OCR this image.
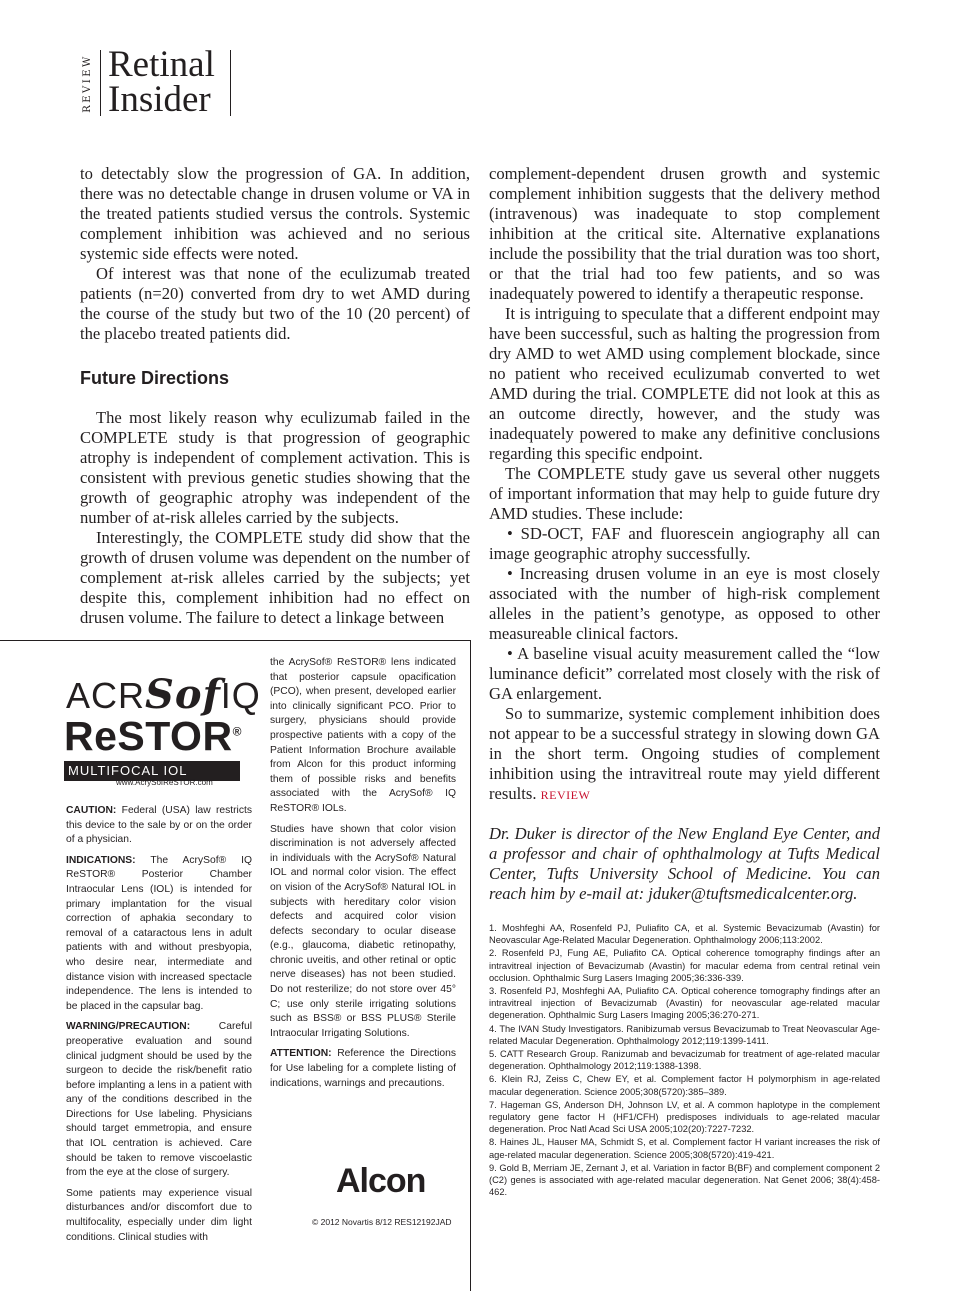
REVIEW Retinal
Insider

to detectably slow the progression of GA. In addition, there was no detectable change in drusen volume or VA in the treated patients studied versus the controls. Systemic complement inhibition was achieved and no serious systemic side effects were noted.

Of interest was that none of the eculizumab treated patients (n=20) converted from dry to wet AMD during the course of the study but two of the 10 (20 percent) of the placebo treated patients did.

Future Directions

The most likely reason why eculizumab failed in the COMPLETE study is that progression of geographic atrophy is independent of complement activation. This is consistent with previous genetic studies showing that the growth of geographic atrophy was independent of the number of at-risk alleles carried by the subjects.

Interestingly, the COMPLETE study did show that the growth of drusen volume was dependent on the number of complement at-risk alleles carried by the subjects; yet despite this, complement inhibition had no effect on drusen volume. The failure to detect a linkage between

complement-dependent drusen growth and systemic complement inhibition suggests that the delivery method (intravenous) was inadequate to stop complement inhibition at the critical site. Alternative explanations include the possibility that the trial duration was too short, or that the trial had too few patients, and so was inadequately powered to identify a therapeutic response.

It is intriguing to speculate that a different endpoint may have been successful, such as halting the progression from dry AMD to wet AMD using complement blockade, since no patient who received eculizumab converted to wet AMD during the trial. COMPLETE did not look at this as an outcome directly, however, and the study was inadequately powered to make any definitive conclusions regarding this specific endpoint.

The COMPLETE study gave us several other nuggets of important information that may help to guide future dry AMD studies. These include:

• SD-OCT, FAF and fluorescein angiography all can image geographic atrophy successfully.

• Increasing drusen volume in an eye is most closely associated with the number of high-risk complement alleles in the patient’s genotype, as opposed to other measureable clinical factors.

• A baseline visual acuity measurement called the “low luminance deficit” correlated most closely with the risk of GA enlargement.

So to summarize, systemic complement inhibition does not appear to be a successful strategy in slowing down GA in the short term. Ongoing studies of complement inhibition using the intravitreal route may yield different results. REVIEW

Dr. Duker is director of the New England Eye Center, and a professor and chair of ophthalmology at Tufts Medical Center, Tufts University School of Medicine. You can reach him by e-mail at: jduker@tuftsmedicalcenter.org.
1. Moshfeghi AA, Rosenfeld PJ, Puliafito CA, et al. Systemic Bevacizumab (Avastin) for Neovascular Age-Related Macular Degeneration. Ophthalmology 2006;113:2002.
2. Rosenfeld PJ, Fung AE, Puliafito CA. Optical coherence tomography findings after an intravitreal injection of Bevacizumab (Avastin) for macular edema from central retinal vein occlusion. Ophthalmic Surg Lasers Imaging 2005;36:336-339.
3. Rosenfeld PJ, Moshfeghi AA, Puliafito CA. Optical coherence tomography findings after an intravitreal injection of Bevacizumab (Avastin) for neovascular age-related macular degeneration. Ophthalmic Surg Lasers Imaging 2005;36:270-271.
4. The IVAN Study Investigators. Ranibizumab versus Bevacizumab to Treat Neovascular Age-related Macular Degeneration. Ophthalmology 2012;119:1399-1411.
5. CATT Research Group. Ranizumab and bevacizumab for treatment of age-related macular degeneration. Ophthalmology 2012;119:1388-1398.
6. Klein RJ, Zeiss C, Chew EY, et al. Complement factor H polymorphism in age-related macular degeneration. Science 2005;308(5720):385–389.
7. Hageman GS, Anderson DH, Johnson LV, et al. A common haplotype in the complement regulatory gene factor H (HF1/CFH) predisposes individuals to age-related macular degeneration. Proc Natl Acad Sci USA 2005;102(20):7227-7232.
8. Haines JL, Hauser MA, Schmidt S, et al. Complement factor H variant increases the risk of age-related macular degeneration. Science 2005;308(5720):419-421.
9. Gold B, Merriam JE, Zernant J, et al. Variation in factor B(BF) and complement component 2 (C2) genes is associated with age-related macular degeneration. Nat Genet 2006; 38(4):458-462.
ACRSofIQ
ReSTOR®
MULTIFOCAL IOL
www.AcrySofReSTOR.com

CAUTION: Federal (USA) law restricts this device to the sale by or on the order of a physician.

INDICATIONS: The AcrySof® IQ ReSTOR® Posterior Chamber Intraocular Lens (IOL) is intended for primary implantation for the visual correction of aphakia secondary to removal of a cataractous lens in adult patients with and without presbyopia, who desire near, intermediate and distance vision with increased spectacle independence. The lens is intended to be placed in the capsular bag.

WARNING/PRECAUTION:	Careful preoperative evaluation and sound clinical judgment should be used by the surgeon to decide the risk/benefit ratio before implanting a lens in a patient with any of the conditions described in the Directions for Use labeling. Physicians should target emmetropia, and ensure that IOL centration is achieved. Care should be taken to remove viscoelastic from the eye at the close of surgery.

Some patients may experience visual disturbances and/or discomfort due to multifocality, especially under dim light conditions. Clinical studies with

the AcrySof® ReSTOR® lens indicated that posterior capsule opacification (PCO), when present, developed earlier into clinically significant PCO. Prior to surgery, physicians should provide prospective patients with a copy of the Patient Information Brochure available from Alcon for this product informing them of possible risks and benefits associated with the AcrySof® IQ ReSTOR® IOLs.

Studies have shown that color vision discrimination is not adversely affected in individuals with the AcrySof® Natural IOL and normal color vision. The effect on vision of the AcrySof® Natural IOL in subjects with hereditary color vision defects and acquired color vision defects secondary to ocular disease (e.g., glaucoma, diabetic retinopathy, chronic uveitis, and other retinal or optic nerve diseases) has not been studied. Do not resterilize; do not store over 45° C; use only sterile irrigating solutions such as BSS® or BSS PLUS® Sterile Intraocular Irrigating Solutions.

ATTENTION: Reference the Directions for Use labeling for a complete listing of indications, warnings and precautions.

Alcon
© 2012 Novartis 8/12 RES12192JAD
